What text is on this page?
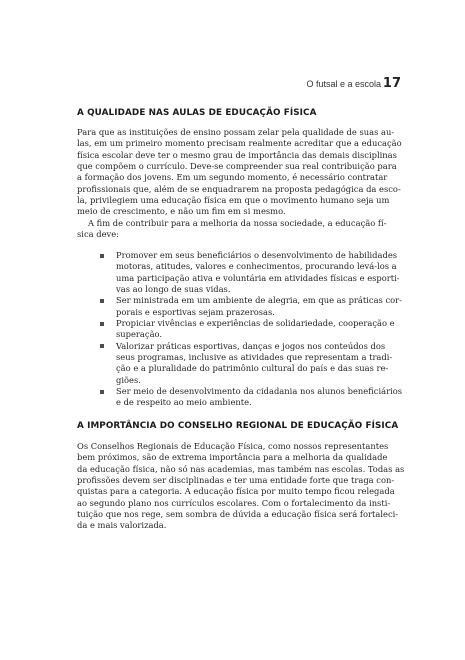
O futsal e a escola 17
A QUALIDADE NAS AULAS DE EDUCAÇÃO FÍSICA
Para que as instituições de ensino possam zelar pela qualidade de suas au-
las, em um primeiro momento precisam realmente acreditar que a educação
física escolar deve ter o mesmo grau de importância das demais disciplinas
que compõem o currículo. Deve-se compreender sua real contribuição para
a formação dos jovens. Em um segundo momento, é necessário contratar
profissionais que, além de se enquadrarem na proposta pedagógica da esco-
la, privilegiem uma educação física em que o movimento humano seja um
meio de crescimento, e não um fim em si mesmo.
A fim de contribuir para a melhoria da nossa sociedade, a educação fí-
sica deve:
Promover em seus beneficiários o desenvolvimento de habilidades
motoras, atitudes, valores e conhecimentos, procurando levá-los a
uma participação ativa e voluntária em atividades físicas e esporti-
vas ao longo de suas vidas.
Ser ministrada em um ambiente de alegria, em que as práticas cor-
porais e esportivas sejam prazerosas.
Propiciar vivências e experiências de solidariedade, cooperação e
superação.
Valorizar práticas esportivas, danças e jogos nos conteúdos dos
seus programas, inclusive as atividades que representam a tradi-
ção e a pluralidade do patrimônio cultural do país e das suas re-
giões.
Ser meio de desenvolvimento da cidadania nos alunos beneficiários
e de respeito ao meio ambiente.
A IMPORTÂNCIA DO CONSELHO REGIONAL DE EDUCAÇÃO FÍSICA
Os Conselhos Regionais de Educação Física, como nossos representantes
bem próximos, são de extrema importância para a melhoria da qualidade
da educação física, não só nas academias, mas também nas escolas. Todas as
profissões devem ser disciplinadas e ter uma entidade forte que traga con-
quistas para a categoria. A educação física por muito tempo ficou relegada
ao segundo plano nos currículos escolares. Com o fortalecimento da insti-
tuição que nos rege, sem sombra de dúvida a educação física será fortaleci-
da e mais valorizada.
